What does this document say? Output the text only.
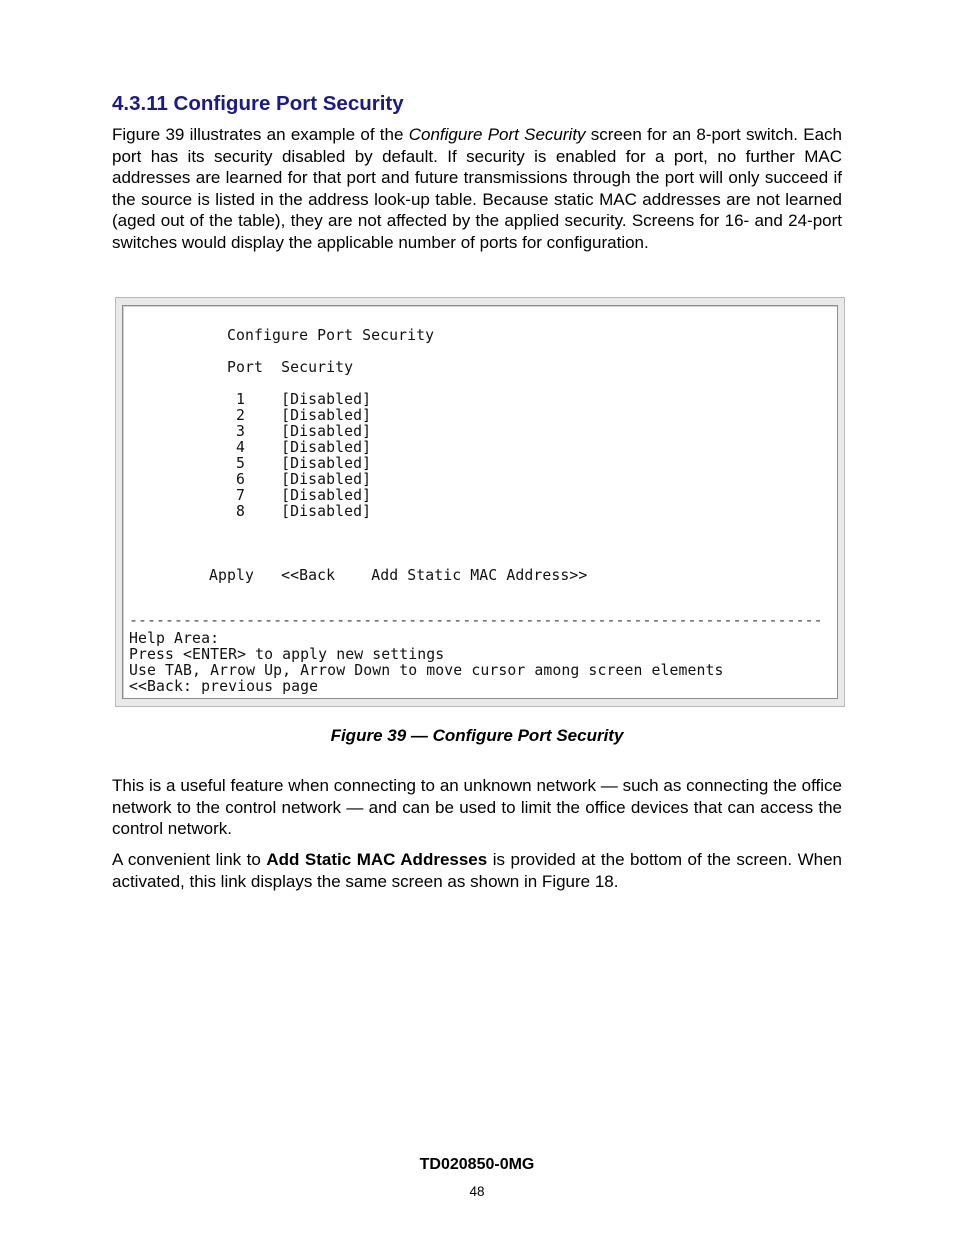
4.3.11 Configure Port Security

Figure 39 illustrates an example of the Configure Port Security screen for an 8-port switch. Each port has its security disabled by default. If security is enabled for a port, no further MAC addresses are learned for that port and future transmissions through the port will only succeed if the source is listed in the address look-up table. Because static MAC addresses are not learned (aged out of the table), they are not affected by the applied security. Screens for 16- and 24-port switches would display the applicable number of ports for configuration.

Configure Port Security
Port Security
1 [Disabled]
2 [Disabled]
3 [Disabled]
4 [Disabled]
5 [Disabled]
6 [Disabled]
7 [Disabled]
8 [Disabled]
Apply <<Back Add Static MAC Address>>
-----------------------------------------------------------------------------
Help Area:
Press <ENTER> to apply new settings
Use TAB, Arrow Up, Arrow Down to move cursor among screen elements
<<Back: previous page
Figure 39 — Configure Port Security

This is a useful feature when connecting to an unknown network — such as connecting the office network to the control network — and can be used to limit the office devices that can access the control network.

A convenient link to Add Static MAC Addresses is provided at the bottom of the screen. When activated, this link displays the same screen as shown in Figure 18.

TD020850-0MG
48
